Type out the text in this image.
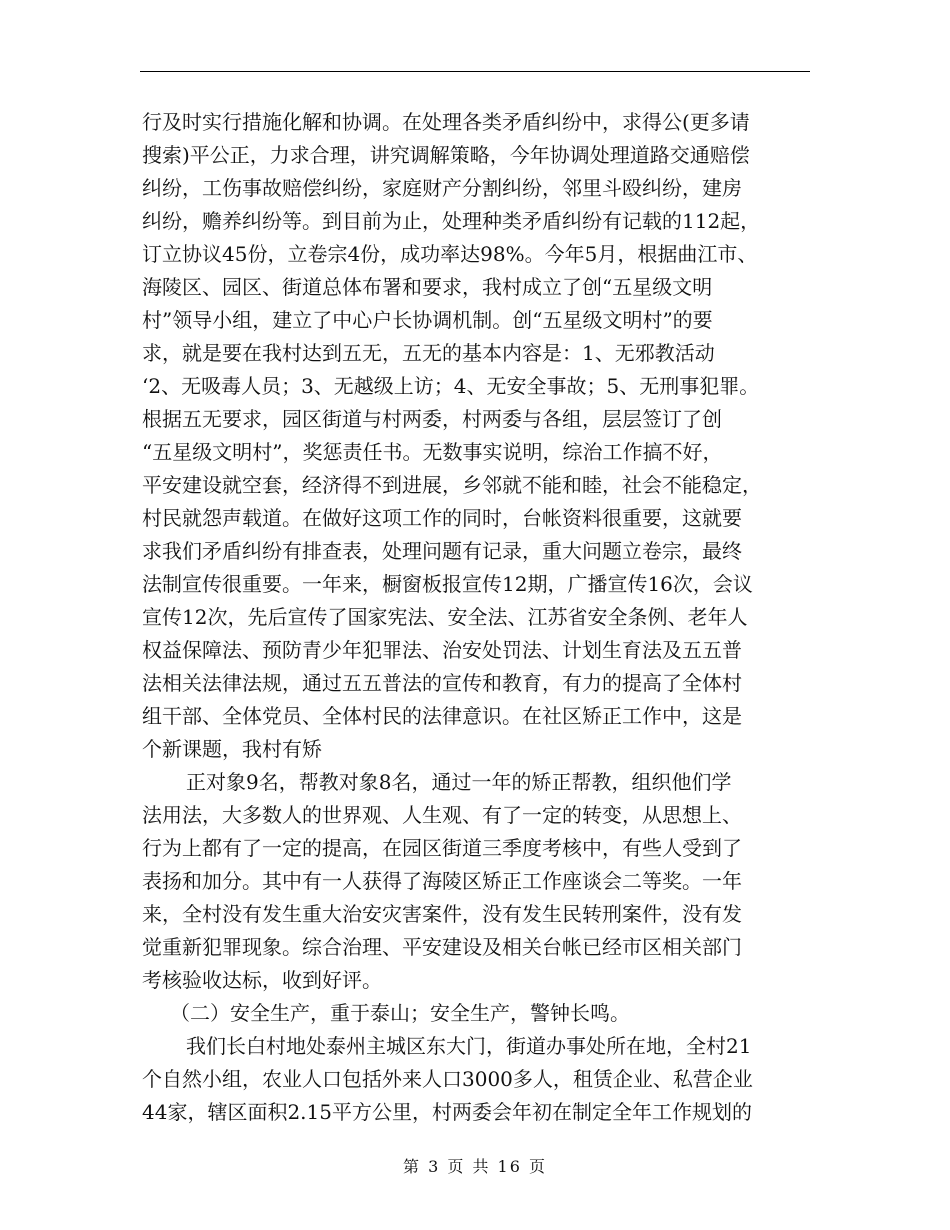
行及时实行措施化解和协调。在处理各类矛盾纠纷中，求得公(更多请
搜索)平公正，力求合理，讲究调解策略，今年协调处理道路交通赔偿
纠纷，工伤事故赔偿纠纷，家庭财产分割纠纷，邻里斗殴纠纷，建房
纠纷，赡养纠纷等。到目前为止，处理种类矛盾纠纷有记载的112起，
订立协议45份，立卷宗4份，成功率达98%。今年5月，根据曲江市、
海陵区、园区、街道总体布署和要求，我村成立了创“五星级文明
村”领导小组，建立了中心户长协调机制。创“五星级文明村”的要
求，就是要在我村达到五无，五无的基本内容是：1、无邪教活动
‘2、无吸毒人员；3、无越级上访；4、无安全事故；5、无刑事犯罪。
根据五无要求，园区街道与村两委，村两委与各组，层层签订了创
“五星级文明村”，奖惩责任书。无数事实说明，综治工作搞不好，
平安建设就空套，经济得不到进展，乡邻就不能和睦，社会不能稳定，
村民就怨声载道。在做好这项工作的同时，台帐资料很重要，这就要
求我们矛盾纠纷有排查表，处理问题有记录，重大问题立卷宗，最终
法制宣传很重要。一年来，橱窗板报宣传12期，广播宣传16次，会议
宣传12次，先后宣传了国家宪法、安全法、江苏省安全条例、老年人
权益保障法、预防青少年犯罪法、治安处罚法、计划生育法及五五普
法相关法律法规，通过五五普法的宣传和教育，有力的提高了全体村
组干部、全体党员、全体村民的法律意识。在社区矫正工作中，这是
个新课题，我村有矫
正对象9名，帮教对象8名，通过一年的矫正帮教，组织他们学
法用法，大多数人的世界观、人生观、有了一定的转变，从思想上、
行为上都有了一定的提高，在园区街道三季度考核中，有些人受到了
表扬和加分。其中有一人获得了海陵区矫正工作座谈会二等奖。一年
来，全村没有发生重大治安灾害案件，没有发生民转刑案件，没有发
觉重新犯罪现象。综合治理、平安建设及相关台帐已经市区相关部门
考核验收达标，收到好评。
（二）安全生产，重于泰山；安全生产，警钟长鸣。
我们长白村地处泰州主城区东大门，街道办事处所在地，全村21
个自然小组，农业人口包括外来人口3000多人，租赁企业、私营企业
44家，辖区面积2.15平方公里，村两委会年初在制定全年工作规划的
第 3 页 共 16 页
